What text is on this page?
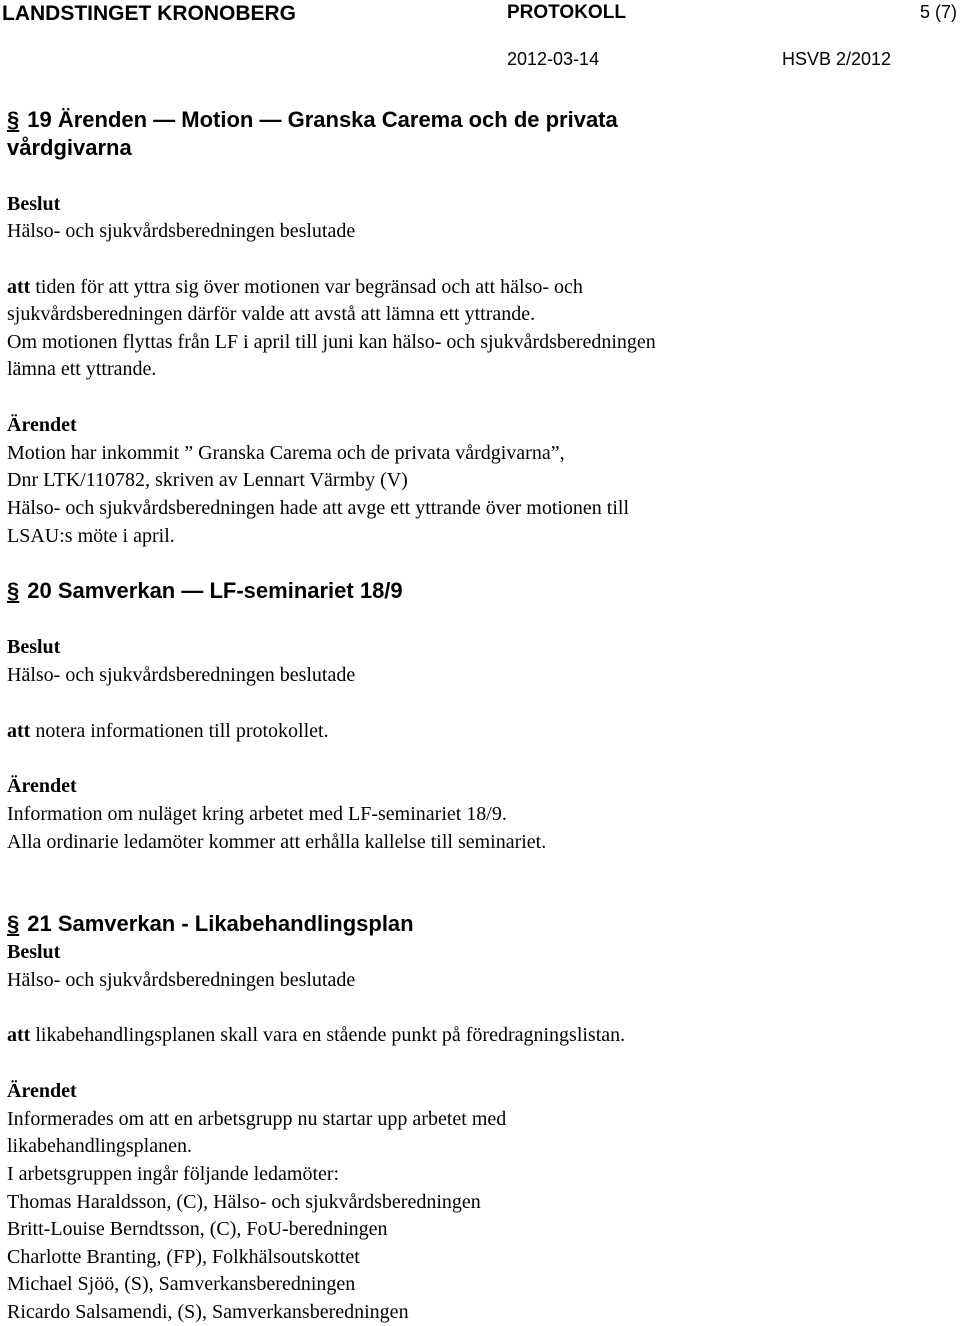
LANDSTINGET KRONOBERG	PROTOKOLL	5 (7)
2012-03-14	HSVB 2/2012
§ 19 Ärenden — Motion — Granska Carema och de privata
vårdgivarna
Beslut
Hälso- och sjukvårdsberedningen beslutade
att tiden för att yttra sig över motionen var begränsad och att hälso- och
sjukvårdsberedningen därför valde att avstå att lämna ett yttrande.
Om motionen flyttas från LF i april till juni kan hälso- och sjukvårdsberedningen
lämna ett yttrande.
Ärendet
Motion har inkommit ” Granska Carema och de privata vårdgivarna”,
Dnr LTK/110782, skriven av Lennart Värmby (V)
Hälso- och sjukvårdsberedningen hade att avge ett yttrande över motionen till
LSAU:s möte i april.
§ 20 Samverkan — LF-seminariet 18/9
Beslut
Hälso- och sjukvårdsberedningen beslutade
att notera informationen till protokollet.
Ärendet
Information om nuläget kring arbetet med LF-seminariet 18/9.
Alla ordinarie ledamöter kommer att erhålla kallelse till seminariet.
§ 21 Samverkan - Likabehandlingsplan
Beslut
Hälso- och sjukvårdsberedningen beslutade
att likabehandlingsplanen skall vara en stående punkt på föredragningslistan.
Ärendet
Informerades om att en arbetsgrupp nu startar upp arbetet med
likabehandlingsplanen.
I arbetsgruppen ingår följande ledamöter:
Thomas Haraldsson, (C), Hälso- och sjukvårdsberedningen
Britt-Louise Berndtsson, (C), FoU-beredningen
Charlotte Branting, (FP), Folkhälsoutskottet
Michael Sjöö, (S), Samverkansberedningen
Ricardo Salsamendi, (S), Samverkansberedningen
